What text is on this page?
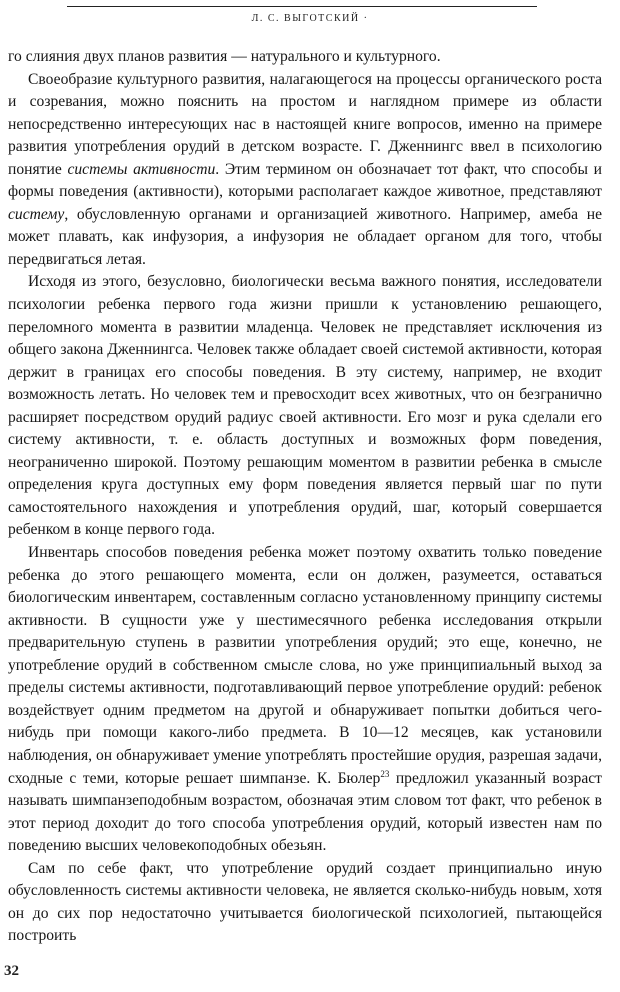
Л. С. ВЫГОТСКИЙ ·

го слияния двух планов развития — натурального и культурного.

Своеобразие культурного развития, налагающегося на процессы органического роста и созревания, можно пояснить на простом и наглядном примере из области непосредственно интересующих нас в настоящей книге вопросов, именно на примере развития употребления орудий в детском возрасте. Г. Дженнингс ввел в психологию понятие системы активности. Этим термином он обозначает тот факт, что способы и формы поведения (активности), которыми располагает каждое животное, представляют систему, обусловленную органами и организацией животного. Например, амеба не может плавать, как инфузория, а инфузория не обладает органом для того, чтобы передвигаться летая.

Исходя из этого, безусловно, биологически весьма важного понятия, исследователи психологии ребенка первого года жизни пришли к установлению решающего, переломного момента в развитии младенца. Человек не представляет исключения из общего закона Дженнингса. Человек также обладает своей системой активности, которая держит в границах его способы поведения. В эту систему, например, не входит возможность летать. Но человек тем и превосходит всех животных, что он безгранично расширяет посредством орудий радиус своей активности. Его мозг и рука сделали его систему активности, т. е. область доступных и возможных форм поведения, неограниченно широкой. Поэтому решающим моментом в развитии ребенка в смысле определения круга доступных ему форм поведения является первый шаг по пути самостоятельного нахождения и употребления орудий, шаг, который совершается ребенком в конце первого года.

Инвентарь способов поведения ребенка может поэтому охватить только поведение ребенка до этого решающего момента, если он должен, разумеется, оставаться биологическим инвентарем, составленным согласно установленному принципу системы активности. В сущности уже у шестимесячного ребенка исследования открыли предварительную ступень в развитии употребления орудий; это еще, конечно, не употребление орудий в собственном смысле слова, но уже принципиальный выход за пределы системы активности, подготавливающий первое употребление орудий: ребенок воздействует одним предметом на другой и обнаруживает попытки добиться чего-нибудь при помощи какого-либо предмета. В 10—12 месяцев, как установили наблюдения, он обнаруживает умение употреблять простейшие орудия, разрешая задачи, сходные с теми, которые решает шимпанзе. К. Бюлер$^{23}$ предложил указанный возраст называть шимпанзеподобным возрастом, обозначая этим словом тот факт, что ребенок в этот период доходит до того способа употребления орудий, который известен нам по поведению высших человекоподобных обезьян.

Сам по себе факт, что употребление орудий создает принципиально иную обусловленность системы активности человека, не является сколько-нибудь новым, хотя он до сих пор недостаточно учитывается биологической психологией, пытающейся построить

32
